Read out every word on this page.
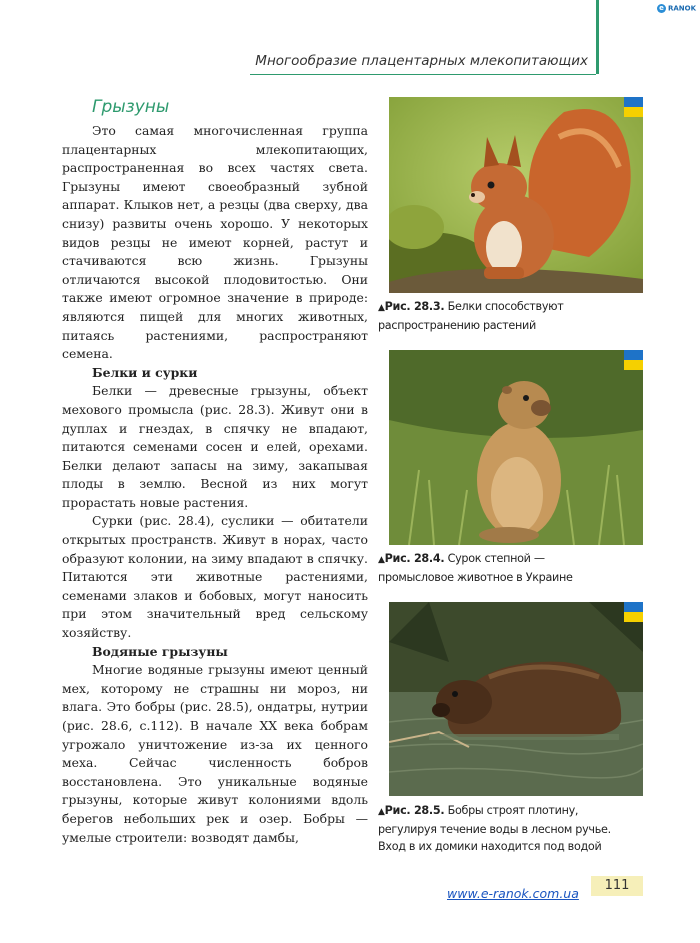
e RANOK
Многообразие плацентарных млекопитающих
Грызуны

Это самая многочисленная группа плацентарных млекопитающих, распространенная во всех частях света. Грызуны имеют своеобразный зубной аппарат. Клыков нет, а резцы (два сверху, два снизу) развиты очень хорошо. У некоторых видов резцы не имеют корней, растут и стачиваются всю жизнь. Грызуны отличаются высокой плодовитостью. Они также имеют огромное значение в природе: являются пищей для многих животных, питаясь растениями, распространяют семена.

Белки и сурки

Белки — древесные грызуны, объект мехового промысла (рис. 28.3). Живут они в дуплах и гнездах, в спячку не впадают, питаются семенами сосен и елей, орехами. Белки делают запасы на зиму, закапывая плоды в землю. Весной из них могут прорастать новые растения.

Сурки (рис. 28.4), суслики — обитатели открытых пространств. Живут в норах, часто образуют колонии, на зиму впадают в спячку. Питаются эти животные растениями, семенами злаков и бобовых, могут наносить при этом значительный вред сельскому хозяйству.

Водяные грызуны

Многие водяные грызуны имеют ценный мех, которому не страшны ни мороз, ни влага. Это бобры (рис. 28.5), ондатры, нутрии (рис. 28.6, с.112). В начале XX века бобрам угрожало уничтожение из-за их ценного меха. Сейчас численность бобров восстановлена. Это уникальные водяные грызуны, которые живут колониями вдоль берегов небольших рек и озер. Бобры — умелые строители: возводят дамбы,

▲Рис. 28.3. Белки способствуют
распространению растений
▲Рис. 28.4. Сурок степной —
промысловое животное в Украине
▲Рис. 28.5. Бобры строят плотину,
регулируя течение воды в лесном ручье.
Вход в их домики находится под водой
111
www.e-ranok.com.ua
